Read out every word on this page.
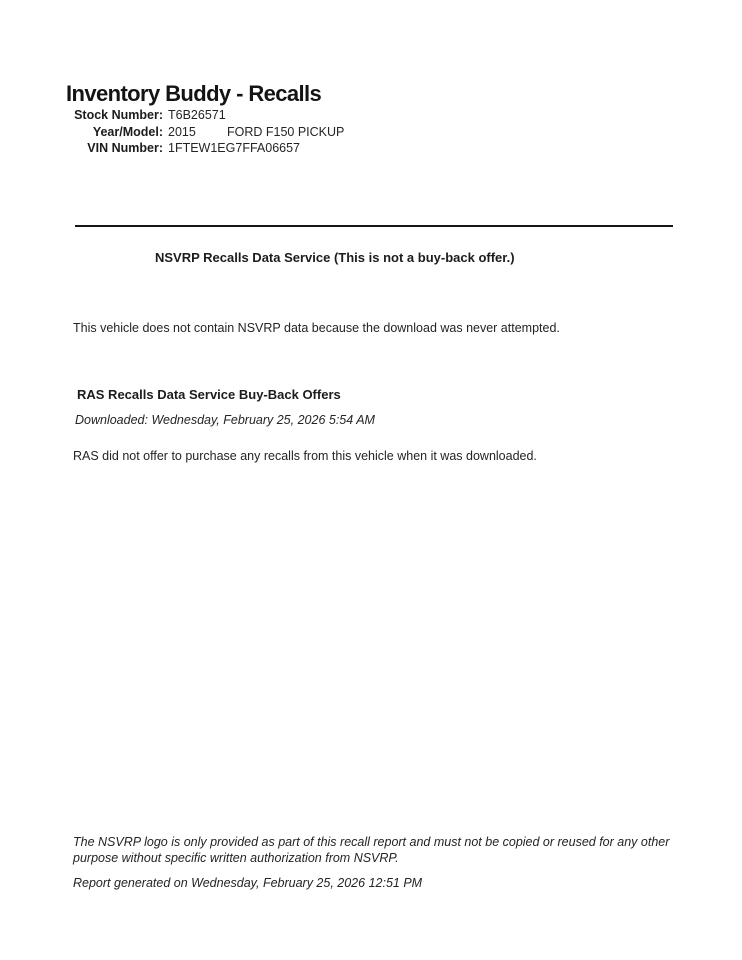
Inventory Buddy - Recalls
Stock Number: T6B26571
Year/Model: 2015 FORD F150 PICKUP
VIN Number: 1FTEW1EG7FFA06657
NSVRP Recalls Data Service (This is not a buy-back offer.)
This vehicle does not contain NSVRP data because the download was never attempted.
RAS Recalls Data Service Buy-Back Offers
Downloaded: Wednesday, February 25, 2026 5:54 AM
RAS did not offer to purchase any recalls from this vehicle when it was downloaded.
The NSVRP logo is only provided as part of this recall report and must not be copied or reused for any other
purpose without specific written authorization from NSVRP.
Report generated on Wednesday, February 25, 2026 12:51 PM
